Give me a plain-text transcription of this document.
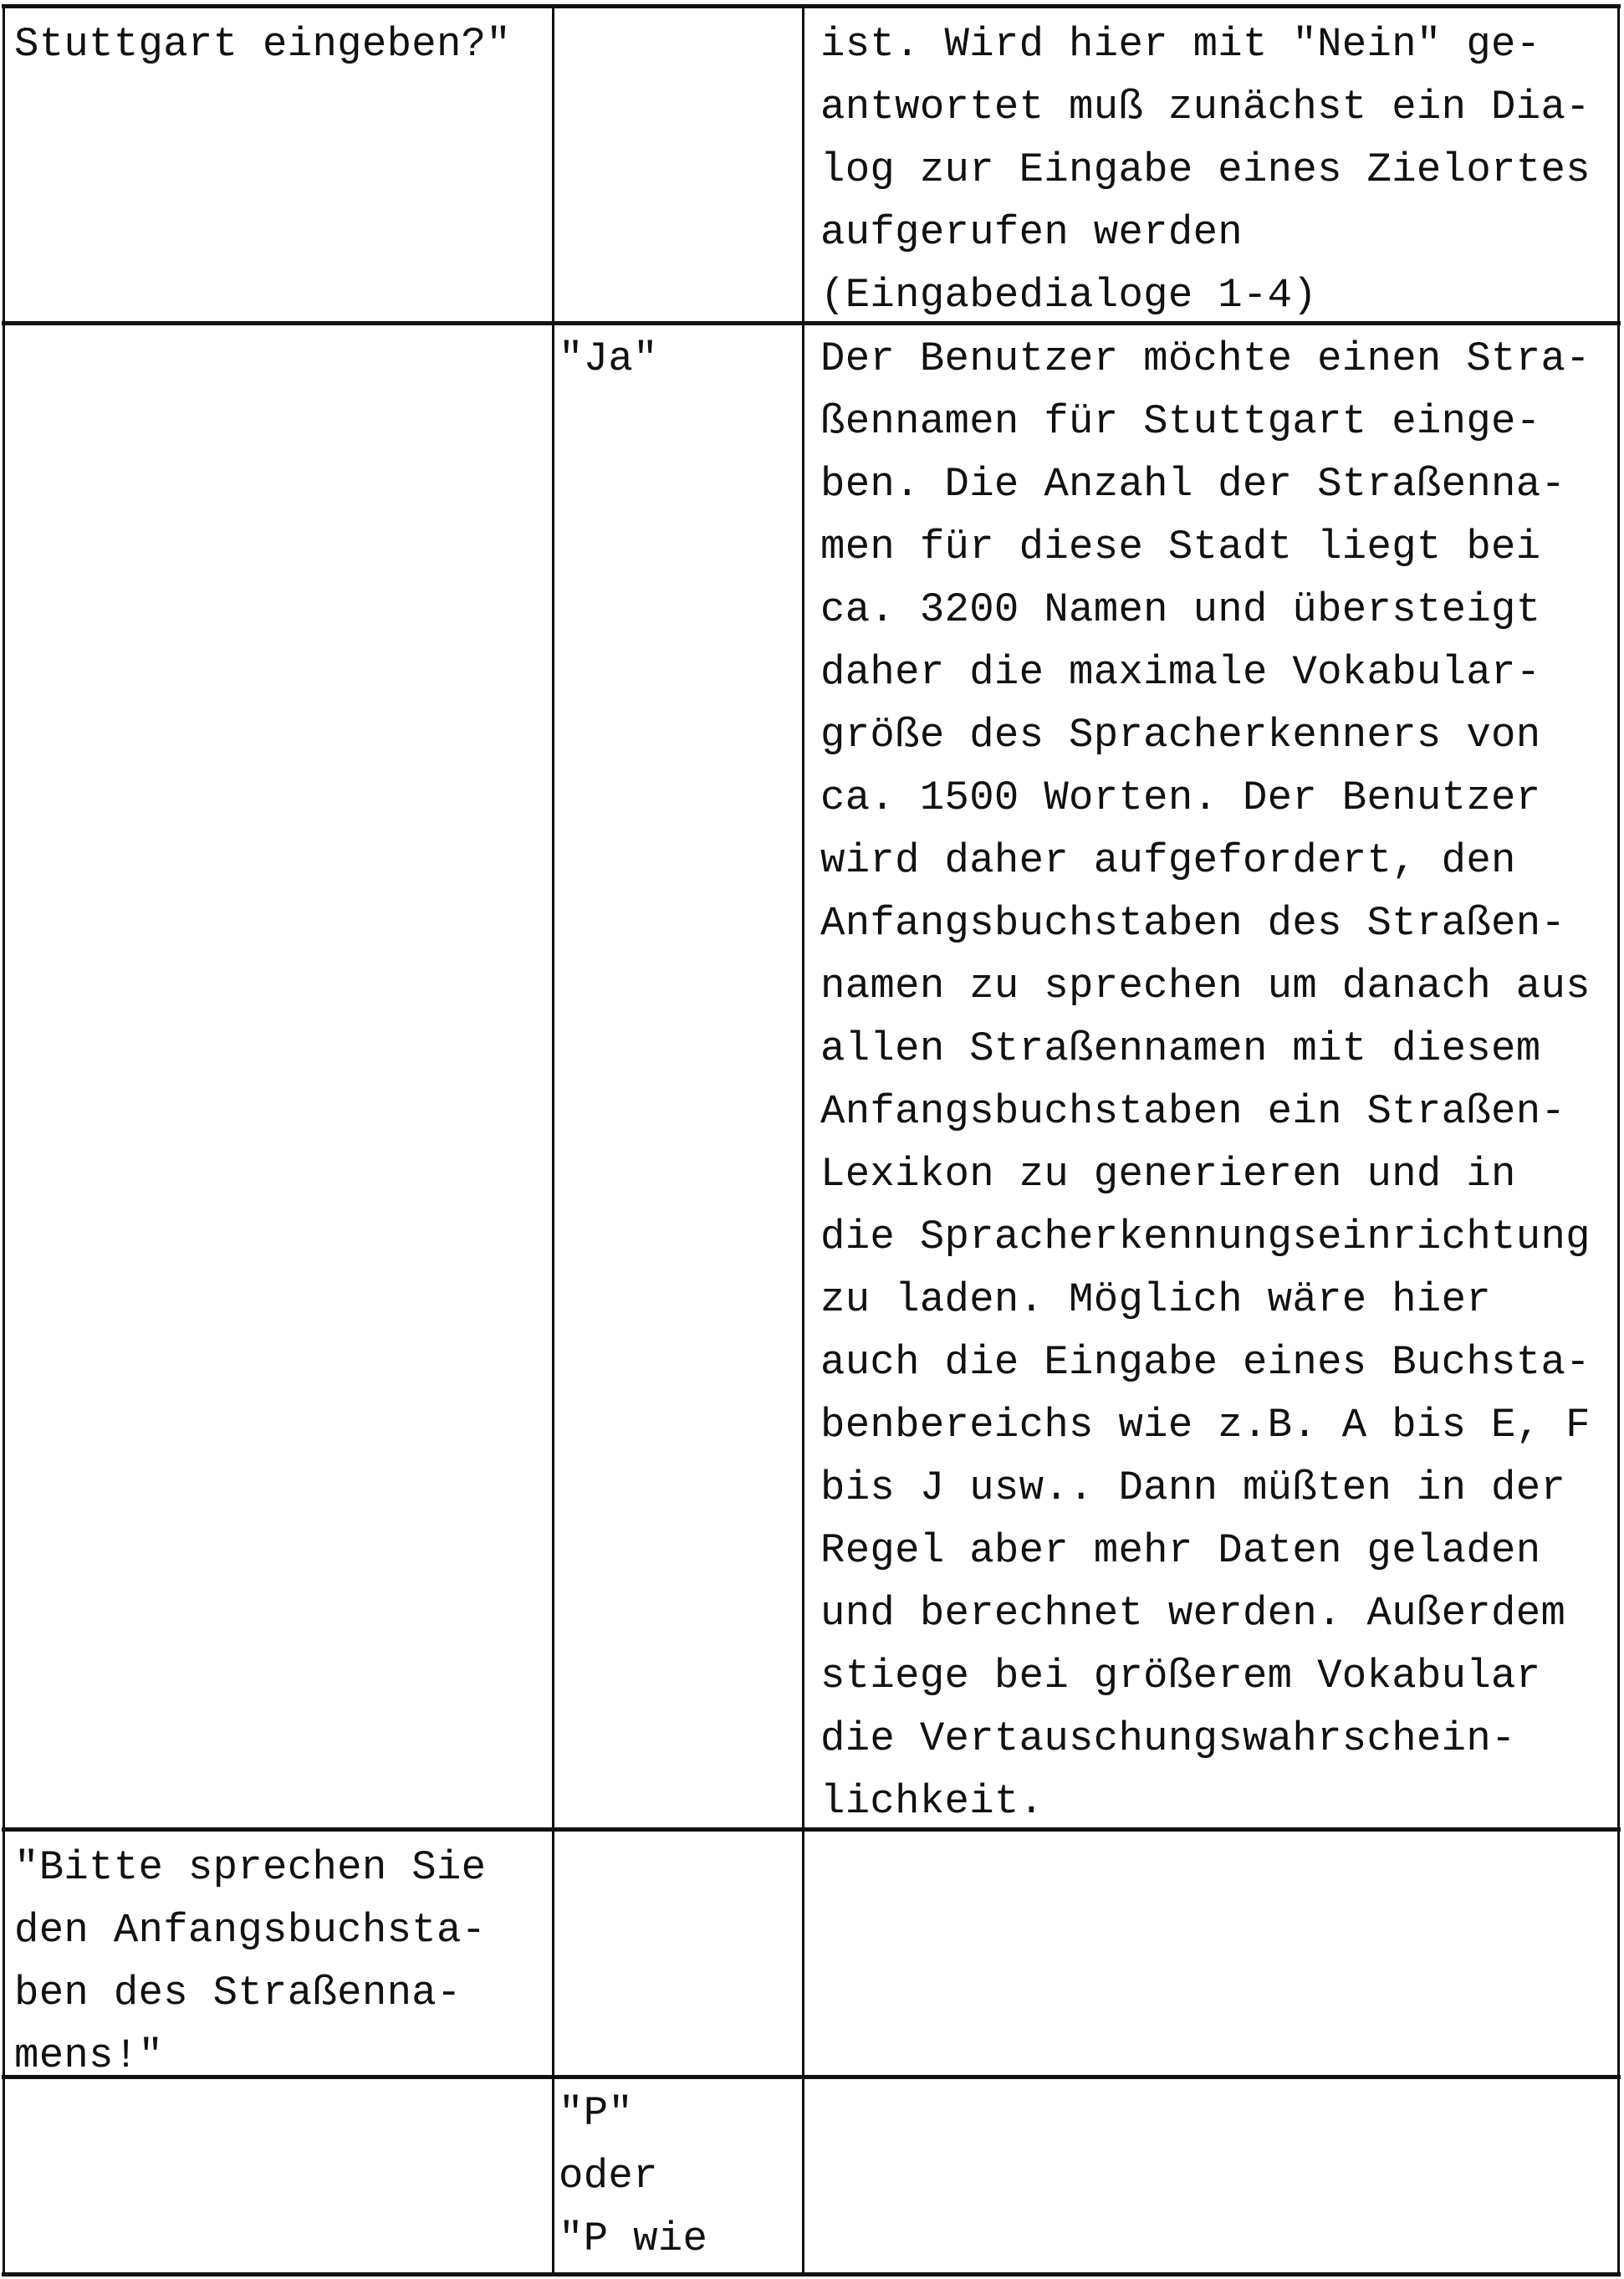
Stuttgart eingeben?"	ist. Wird hier mit "Nein" ge-
antwortet muß zunächst ein Dia-
log zur Eingabe eines Zielortes
aufgerufen werden
(Eingabedialoge 1-4)
"Ja"	Der Benutzer möchte einen Stra-
ßennamen für Stuttgart einge-
ben. Die Anzahl der Straßenna-
men für diese Stadt liegt bei
ca. 3200 Namen und übersteigt
daher die maximale Vokabular-
größe des Spracherkenners von
ca. 1500 Worten. Der Benutzer
wird daher aufgefordert, den
Anfangsbuchstaben des Straßen-
namen zu sprechen um danach aus
allen Straßennamen mit diesem
Anfangsbuchstaben ein Straßen-
Lexikon zu generieren und in
die Spracherkennungseinrichtung
zu laden. Möglich wäre hier
auch die Eingabe eines Buchsta-
benbereichs wie z.B. A bis E, F
bis J usw.. Dann müßten in der
Regel aber mehr Daten geladen
und berechnet werden. Außerdem
stiege bei größerem Vokabular
die Vertauschungswahrschein-
lichkeit.
"Bitte sprechen Sie
den Anfangsbuchsta-
ben des Straßenna-
mens!"
"P"
oder
"P wie
